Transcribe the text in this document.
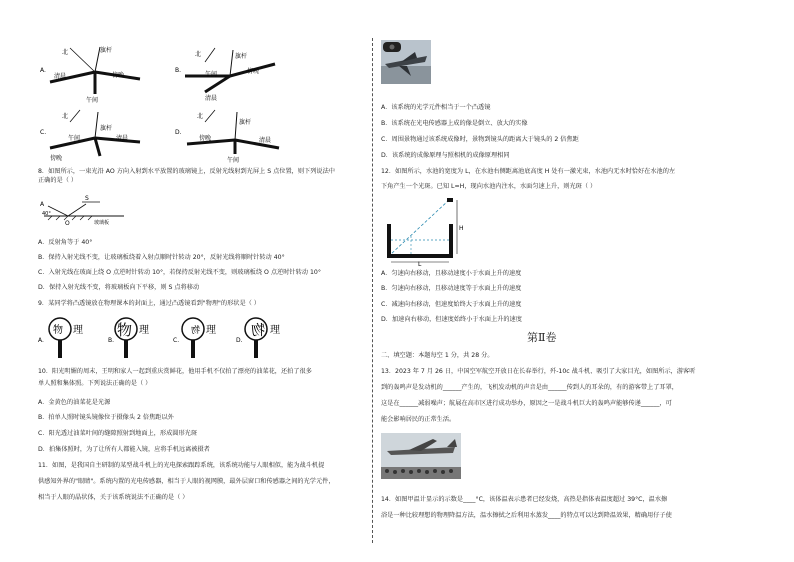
A.
北	旗杆
清晨	傍晚
午间
B.
北	旗杆
午间	傍晚
清晨
C.
北
旗杆
午间	清晨
傍晚
D.
北
旗杆
傍晚	清晨
午间
8．如图所示，一束光沿 AO 方向入射到水平放置的玻璃镜上，反射光线射到光屏上 S 点位置，则下列说法中
正确的是（ ）
A
S
40°
O	玻璃板
A．反射角等于 40°
B．保持入射光线不变，让玻璃板绕着入射点顺时针转动 20°，反射光线将顺时针转动 40°
C．入射光线在玻面上绕 O 点逆时针转动 10°，若保持反射光线不变，则玻璃板绕 O 点逆时针转动 10°
D．保持入射光线不变，将玻璃板向下平移，则 S 点将移动
9．某同学将凸透镜放在物理课本的封面上，通过凸透镜看到"物理"的形状是（ ）
A.
物 理
B.
物 理
C.
物 理
D.
物 理
10．阳光明媚的周末，王明和家人一起到重庆赏鲜花，他用手机不仅拍了漂亮的油菜花，还拍了很多
单人照和集体照。下列说法正确的是（ ）
A．金黄色的油菜花是光源
B．拍单人照时镜头镜像位于摄像头 2 倍焦距以外
C．阳光透过油菜叶间的缝隙照射到地面上，形成圆形光斑
D．拍集体照时，为了让所有人都能入镜，应将手机远离被摄者
11．如图，是我国自主研制的某型战斗机上的光电探索跟踪系统，该系统功能与人眼相似，能为战斗机提
供感知外界的"眼睛"。系统内置的光电传感器，相当于人眼的视网膜，最外层窗口和传感器之间的光学元件，
相当于人眼的晶状体，关于该系统说法不正确的是（ ）
A．该系统的光学元件相当于一个凸透镜
B．该系统在光电传感器上成的像是倒立、放大的实像
C．周围景物通过该系统成像时，景物到镜头的距离大于镜头的 2 倍焦距
D．该系统的成像原理与照相机的成像原理相同
12．如图所示，水池的宽度为 L，在水池右侧距离池底高度 H 处有一激光束，水池内无水时恰好在水池的左
下角产生一个光斑。已知 L=H，现向水池内注水，水面匀速上升，则光斑（ ）
H
L
A．匀速向右移动，且移动速度小于水面上升的速度
B．匀速向右移动，且移动速度等于水面上升的速度
C．减速向右移动，但速度始终大于水面上升的速度
D．加速向右移动，但速度始终小于水面上升的速度
第Ⅱ卷
二、填空题：本题每空 1 分，共 28 分。
13．2023 年 7 月 26 日，中国空军航空开放日在长春举行，歼-10c 战斗机、吸引了大家目光，如图所示，游客听
到的轰鸣声是发动机的______产生的，飞机发动机的声音是由______传到人的耳朵的，有的游客带上了耳罩，
这是在______减弱噪声；航展在高市区进行成功举办，原因之一是战斗机巨大的轰鸣声能够传递______，可
能会影响居民的正常生活。
14．如图甲温计显示的示数是____°C，该体温表示患者已经发烧，高热是指体表温度超过 39°C，温水擦
浴是一种比较理想的物理降温方法，温水擦拭之后利用水蒸发____的特点可以达到降温效果，精确用仔子使
